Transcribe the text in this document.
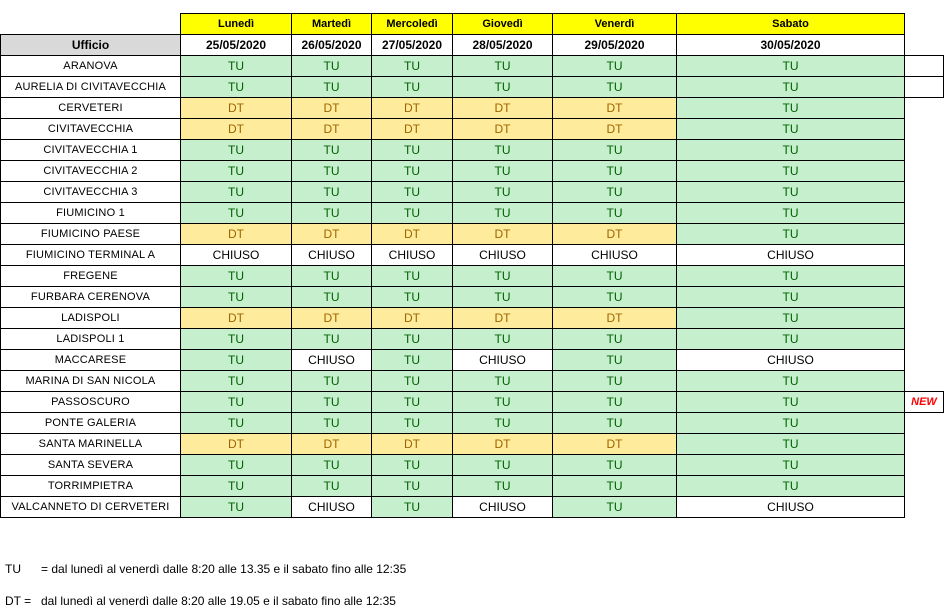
	Lunedì	Martedì	Mercoledì	Giovedì	Venerdì	Sabato	
Ufficio	25/05/2020	26/05/2020	27/05/2020	28/05/2020	29/05/2020	30/05/2020	
ARANOVA	TU	TU	TU	TU	TU	TU	
AURELIA DI CIVITAVECCHIA	TU	TU	TU	TU	TU	TU	
CERVETERI	DT	DT	DT	DT	DT	TU	
CIVITAVECCHIA	DT	DT	DT	DT	DT	TU	
CIVITAVECCHIA 1	TU	TU	TU	TU	TU	TU	
CIVITAVECCHIA 2	TU	TU	TU	TU	TU	TU	
CIVITAVECCHIA 3	TU	TU	TU	TU	TU	TU	
FIUMICINO 1	TU	TU	TU	TU	TU	TU	
FIUMICINO PAESE	DT	DT	DT	DT	DT	TU	
FIUMICINO TERMINAL A	CHIUSO	CHIUSO	CHIUSO	CHIUSO	CHIUSO	CHIUSO	
FREGENE	TU	TU	TU	TU	TU	TU	
FURBARA CERENOVA	TU	TU	TU	TU	TU	TU	
LADISPOLI	DT	DT	DT	DT	DT	TU	
LADISPOLI 1	TU	TU	TU	TU	TU	TU	
MACCARESE	TU	CHIUSO	TU	CHIUSO	TU	CHIUSO	
MARINA DI SAN NICOLA	TU	TU	TU	TU	TU	TU	
PASSOSCURO	TU	TU	TU	TU	TU	TU	NEW
PONTE GALERIA	TU	TU	TU	TU	TU	TU	
SANTA MARINELLA	DT	DT	DT	DT	DT	TU	
SANTA SEVERA	TU	TU	TU	TU	TU	TU	
TORRIMPIETRA	TU	TU	TU	TU	TU	TU	
VALCANNETO DI CERVETERI	TU	CHIUSO	TU	CHIUSO	TU	CHIUSO	
TU = dal lunedì al venerdì dalle 8:20 alle 13.35 e il sabato fino alle 12:35
DT = dal lunedì al venerdì dalle 8:20 alle 19.05 e il sabato fino alle 12:35
